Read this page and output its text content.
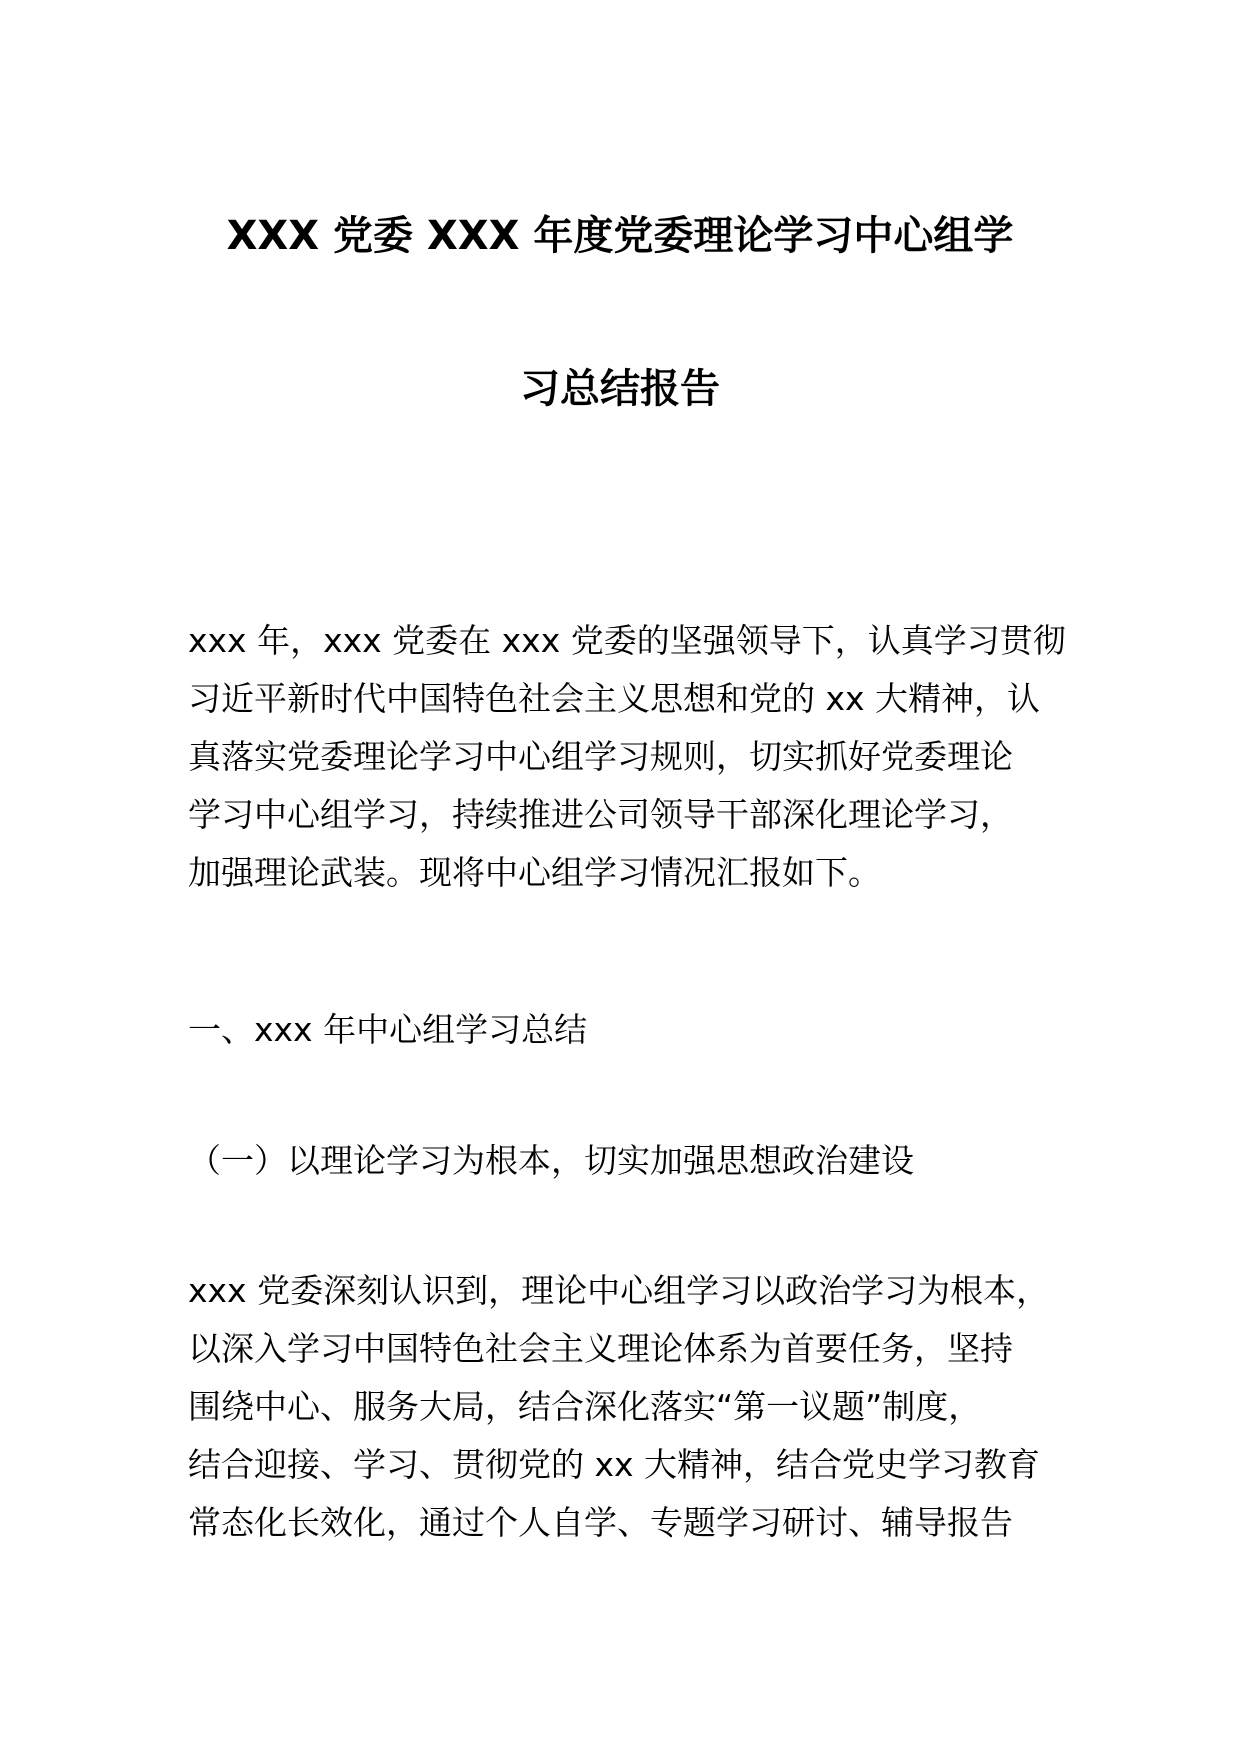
XXX 党委 XXX 年度党委理论学习中心组学
习总结报告

xxx 年，xxx 党委在 xxx 党委的坚强领导下，认真学习贯彻
习近平新时代中国特色社会主义思想和党的 xx 大精神，认
真落实党委理论学习中心组学习规则，切实抓好党委理论
学习中心组学习，持续推进公司领导干部深化理论学习，
加强理论武装。现将中心组学习情况汇报如下。

一、xxx 年中心组学习总结

（一）以理论学习为根本，切实加强思想政治建设

xxx 党委深刻认识到，理论中心组学习以政治学习为根本，
以深入学习中国特色社会主义理论体系为首要任务，坚持
围绕中心、服务大局，结合深化落实“第一议题”制度，
结合迎接、学习、贯彻党的 xx 大精神，结合党史学习教育
常态化长效化，通过个人自学、专题学习研讨、辅导报告
